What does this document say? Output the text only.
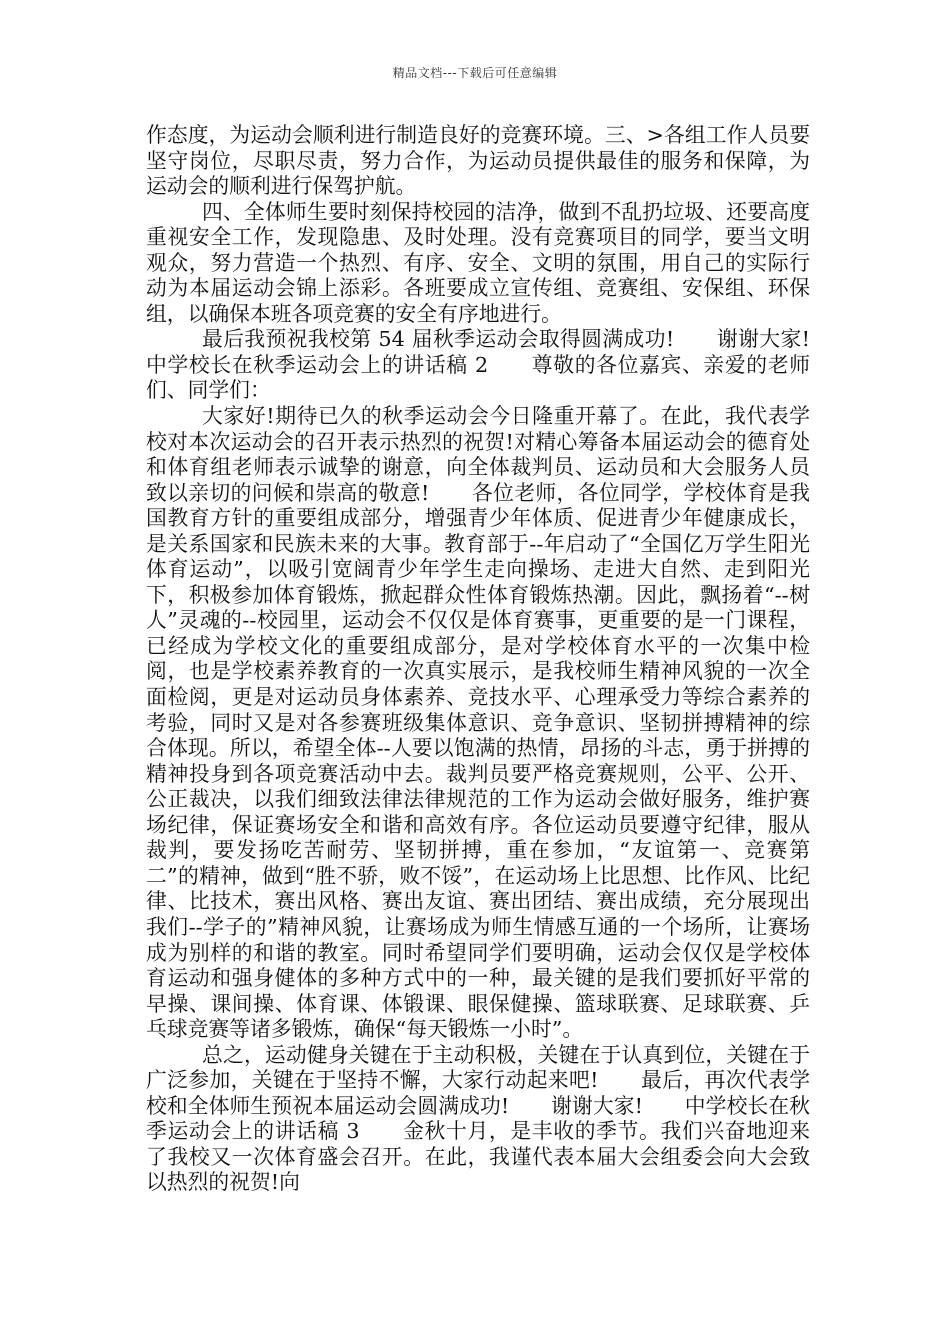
精品文档---下载后可任意编辑

作态度，为运动会顺利进行制造良好的竞赛环境。三、>各组工作人员要坚守岗位，尽职尽责，努力合作，为运动员提供最佳的服务和保障，为运动会的顺利进行保驾护航。

四、全体师生要时刻保持校园的洁净，做到不乱扔垃圾、还要高度重视安全工作，发现隐患、及时处理。没有竞赛项目的同学，要当文明观众，努力营造一个热烈、有序、安全、文明的氛围，用自己的实际行动为本届运动会锦上添彩。各班要成立宣传组、竞赛组、安保组、环保组，以确保本班各项竞赛的安全有序地进行。

最后我预祝我校第 54 届秋季运动会取得圆满成功!　　谢谢大家!　　中学校长在秋季运动会上的讲话稿 2　　尊敬的各位嘉宾、亲爱的老师们、同学们：

大家好!期待已久的秋季运动会今日隆重开幕了。在此，我代表学校对本次运动会的召开表示热烈的祝贺!对精心筹备本届运动会的德育处和体育组老师表示诚挚的谢意，向全体裁判员、运动员和大会服务人员致以亲切的问候和崇高的敬意!　　各位老师，各位同学，学校体育是我国教育方针的重要组成部分，增强青少年体质、促进青少年健康成长，是关系国家和民族未来的大事。教育部于--年启动了“全国亿万学生阳光体育运动”，以吸引宽阔青少年学生走向操场、走进大自然、走到阳光下，积极参加体育锻炼，掀起群众性体育锻炼热潮。因此，飘扬着“--树人”灵魂的--校园里，运动会不仅仅是体育赛事，更重要的是一门课程，已经成为学校文化的重要组成部分，是对学校体育水平的一次集中检阅，也是学校素养教育的一次真实展示，是我校师生精神风貌的一次全面检阅，更是对运动员身体素养、竞技水平、心理承受力等综合素养的考验，同时又是对各参赛班级集体意识、竞争意识、坚韧拼搏精神的综合体现。所以，希望全体--人要以饱满的热情，昂扬的斗志，勇于拼搏的精神投身到各项竞赛活动中去。裁判员要严格竞赛规则，公平、公开、公正裁决，以我们细致法律法律规范的工作为运动会做好服务，维护赛场纪律，保证赛场安全和谐和高效有序。各位运动员要遵守纪律，服从裁判，要发扬吃苦耐劳、坚韧拼搏，重在参加，“友谊第一、竞赛第二”的精神，做到“胜不骄，败不馁”，在运动场上比思想、比作风、比纪律、比技术，赛出风格、赛出友谊、赛出团结、赛出成绩，充分展现出我们--学子的”精神风貌，让赛场成为师生情感互通的一个场所，让赛场成为别样的和谐的教室。同时希望同学们要明确，运动会仅仅是学校体育运动和强身健体的多种方式中的一种，最关键的是我们要抓好平常的早操、课间操、体育课、体锻课、眼保健操、篮球联赛、足球联赛、乒乓球竞赛等诸多锻炼，确保“每天锻炼一小时”。

总之，运动健身关键在于主动积极，关键在于认真到位，关键在于广泛参加，关键在于坚持不懈，大家行动起来吧!　　最后，再次代表学校和全体师生预祝本届运动会圆满成功!　　谢谢大家!　　中学校长在秋季运动会上的讲话稿 3　　金秋十月，是丰收的季节。我们兴奋地迎来了我校又一次体育盛会召开。在此，我谨代表本届大会组委会向大会致以热烈的祝贺!向
